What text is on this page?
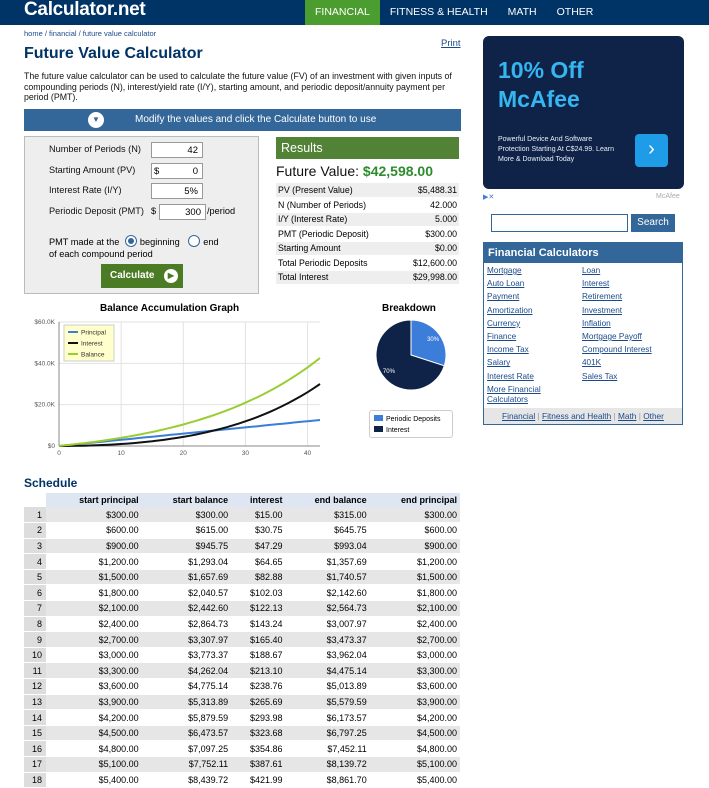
Calculator.net	FINANCIAL	FITNESS & HEALTH	MATH	OTHER
home / financial / future value calculator
Print
Future Value Calculator
The future value calculator can be used to calculate the future value (FV) of an investment with given inputs of compounding periods (N), interest/yield rate (I/Y), starting amount, and periodic deposit/annuity payment per period (PMT).
▼	Modify the values and click the Calculate button to use
Number of Periods (N)	42
Starting Amount (PV) $	0
Interest Rate (I/Y)	5%
Periodic Deposit (PMT) $	300 /period
PMT made at the beginning	end
of each compound period
Calculate	▶
Results
Future Value: $42,598.00
PV (Present Value)	$5,488.31
N (Number of Periods)	42.000
I/Y (Interest Rate)	5.000
PMT (Periodic Deposit)	$300.00
Starting Amount	$0.00
Total Periodic Deposits	$12,600.00
Total Interest	$29,998.00
Balance Accumulation Graph	Breakdown
$0
$20.0K
$40.0K
$60.0K
0	10	20	30	40
Principal
Interest
Balance
30%
70%
Periodic Deposits
Interest
Schedule
	start principal	start balance	interest	end balance	end principal
1	$300.00	$300.00	$15.00	$315.00	$300.00
2	$600.00	$615.00	$30.75	$645.75	$600.00
3	$900.00	$945.75	$47.29	$993.04	$900.00
4	$1,200.00	$1,293.04	$64.65	$1,357.69	$1,200.00
5	$1,500.00	$1,657.69	$82.88	$1,740.57	$1,500.00
6	$1,800.00	$2,040.57	$102.03	$2,142.60	$1,800.00
7	$2,100.00	$2,442.60	$122.13	$2,564.73	$2,100.00
8	$2,400.00	$2,864.73	$143.24	$3,007.97	$2,400.00
9	$2,700.00	$3,307.97	$165.40	$3,473.37	$2,700.00
10	$3,000.00	$3,773.37	$188.67	$3,962.04	$3,000.00
11	$3,300.00	$4,262.04	$213.10	$4,475.14	$3,300.00
12	$3,600.00	$4,775.14	$238.76	$5,013.89	$3,600.00
13	$3,900.00	$5,313.89	$265.69	$5,579.59	$3,900.00
14	$4,200.00	$5,879.59	$293.98	$6,173.57	$4,200.00
15	$4,500.00	$6,473.57	$323.68	$6,797.25	$4,500.00
16	$4,800.00	$7,097.25	$354.86	$7,452.11	$4,800.00
17	$5,100.00	$7,752.11	$387.61	$8,139.72	$5,100.00
18	$5,400.00	$8,439.72	$421.99	$8,861.70	$5,400.00
10% Off McAfee
Powerful Device And Software Protection Starting At C$24.99. Learn More & Download Today	›
▶✕	McAfee
Search
Financial Calculators
Mortgage	Loan
Auto Loan	Interest
Payment	Retirement
Amortization	Investment
Currency	Inflation
Finance	Mortgage Payoff
Income Tax	Compound Interest
Salary	401K
Interest Rate	Sales Tax
More Financial Calculators
Financial | Fitness and Health | Math | Other
